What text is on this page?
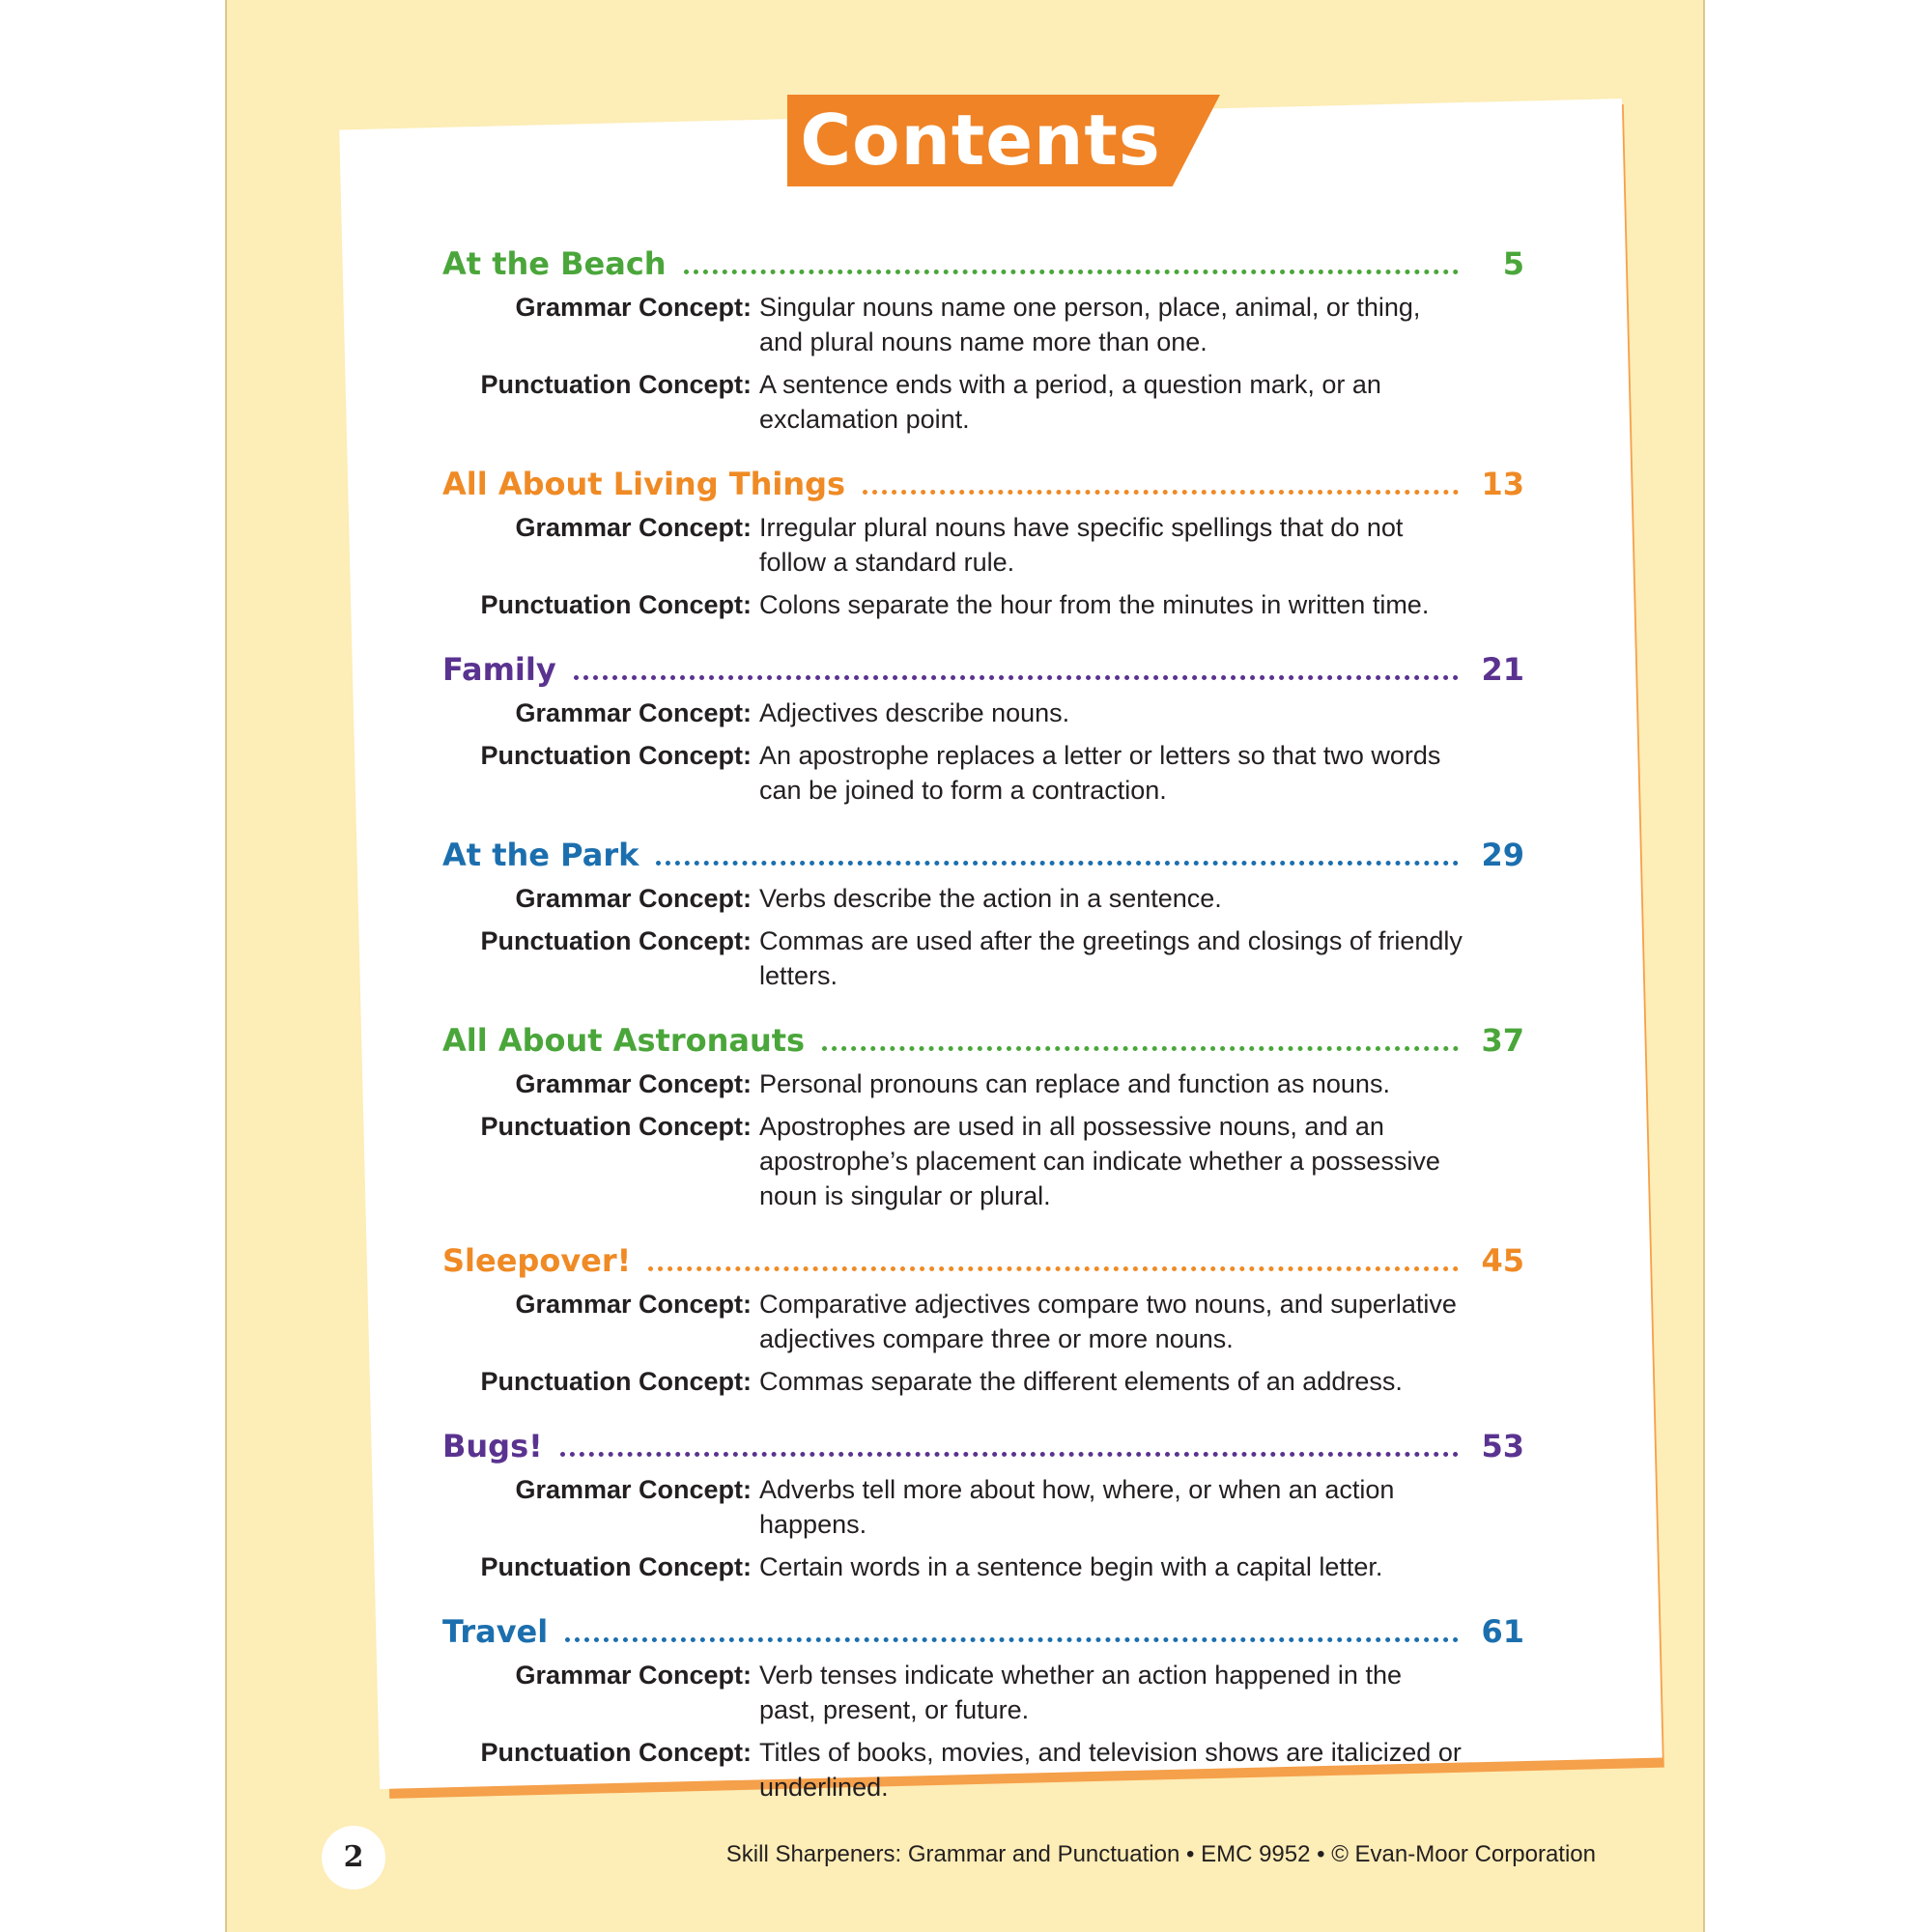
Contents
At the Beach	5
Grammar Concept: Singular nouns name one person, place, animal, or thing, and plural nouns name more than one.
Punctuation Concept: A sentence ends with a period, a question mark, or an exclamation point.
All About Living Things	13
Grammar Concept: Irregular plural nouns have specific spellings that do not follow a standard rule.
Punctuation Concept: Colons separate the hour from the minutes in written time.
Family	21
Grammar Concept: Adjectives describe nouns.
Punctuation Concept: An apostrophe replaces a letter or letters so that two words can be joined to form a contraction.
At the Park	29
Grammar Concept: Verbs describe the action in a sentence.
Punctuation Concept: Commas are used after the greetings and closings of friendly letters.
All About Astronauts	37
Grammar Concept: Personal pronouns can replace and function as nouns.
Punctuation Concept: Apostrophes are used in all possessive nouns, and an apostrophe’s placement can indicate whether a possessive noun is singular or plural.
Sleepover!	45
Grammar Concept: Comparative adjectives compare two nouns, and superlative adjectives compare three or more nouns.
Punctuation Concept: Commas separate the different elements of an address.
Bugs!	53
Grammar Concept: Adverbs tell more about how, where, or when an action happens.
Punctuation Concept: Certain words in a sentence begin with a capital letter.
Travel	61
Grammar Concept: Verb tenses indicate whether an action happened in the past, present, or future.
Punctuation Concept: Titles of books, movies, and television shows are italicized or underlined.
2	Skill Sharpeners: Grammar and Punctuation • EMC 9952 • © Evan-Moor Corporation
